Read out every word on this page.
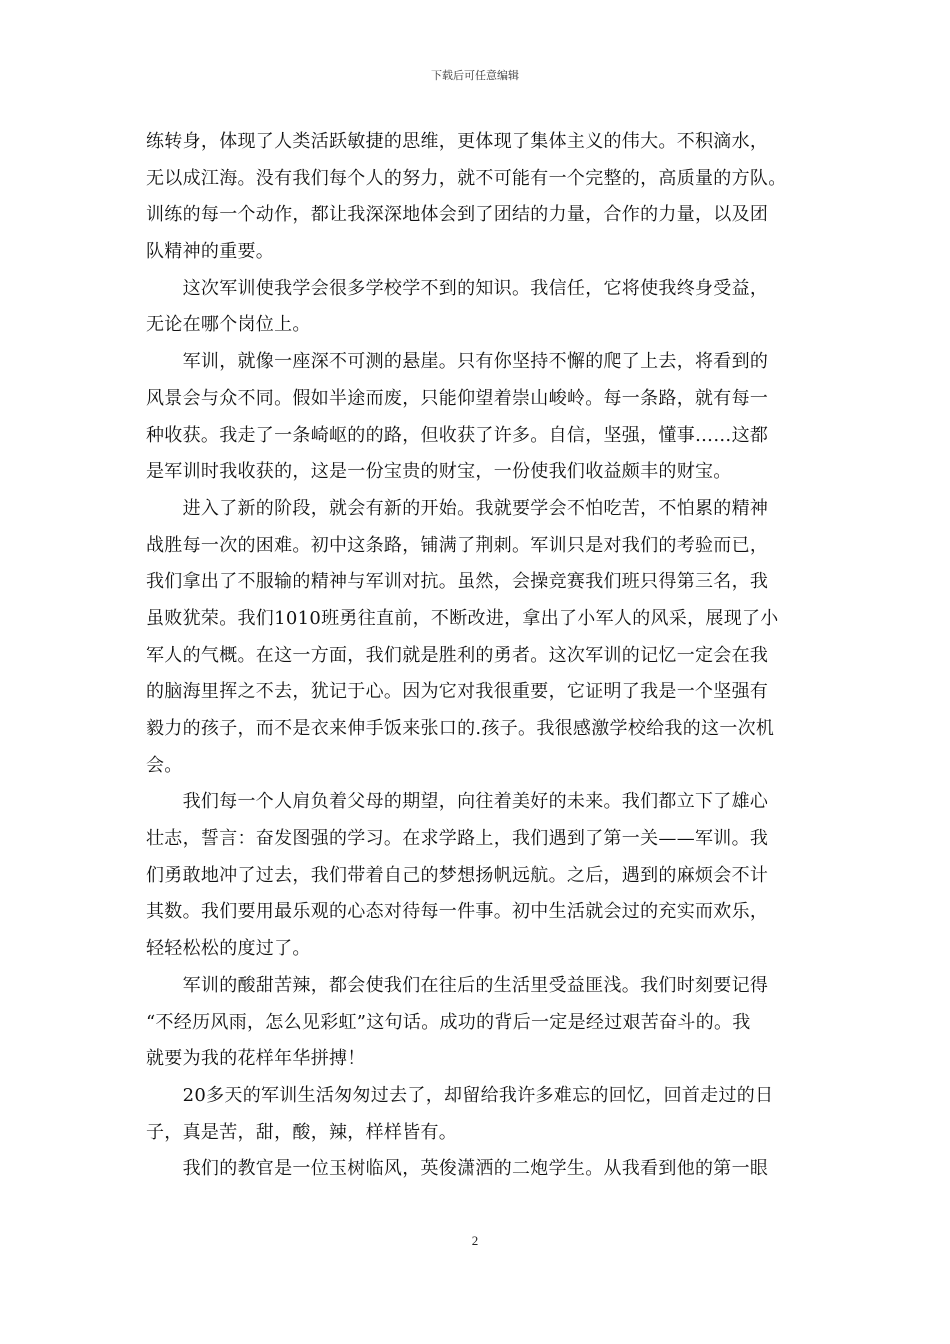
下载后可任意编辑
练转身，体现了人类活跃敏捷的思维，更体现了集体主义的伟大。不积滴水，
无以成江海。没有我们每个人的努力，就不可能有一个完整的，高质量的方队。
训练的每一个动作，都让我深深地体会到了团结的力量，合作的力量，以及团
队精神的重要。
　　这次军训使我学会很多学校学不到的知识。我信任，它将使我终身受益，
无论在哪个岗位上。
　　军训，就像一座深不可测的悬崖。只有你坚持不懈的爬了上去，将看到的
风景会与众不同。假如半途而废，只能仰望着崇山峻岭。每一条路，就有每一
种收获。我走了一条崎岖的的路，但收获了许多。自信，坚强，懂事……这都
是军训时我收获的，这是一份宝贵的财宝，一份使我们收益颇丰的财宝。
　　进入了新的阶段，就会有新的开始。我就要学会不怕吃苦，不怕累的精神
战胜每一次的困难。初中这条路，铺满了荆刺。军训只是对我们的考验而已，
我们拿出了不服输的精神与军训对抗。虽然，会操竞赛我们班只得第三名，我
虽败犹荣。我们1010班勇往直前，不断改进，拿出了小军人的风采，展现了小
军人的气概。在这一方面，我们就是胜利的勇者。这次军训的记忆一定会在我
的脑海里挥之不去，犹记于心。因为它对我很重要，它证明了我是一个坚强有
毅力的孩子，而不是衣来伸手饭来张口的.孩子。我很感激学校给我的这一次机
会。
　　我们每一个人肩负着父母的期望，向往着美好的未来。我们都立下了雄心
壮志，誓言：奋发图强的学习。在求学路上，我们遇到了第一关——军训。我
们勇敢地冲了过去，我们带着自己的梦想扬帆远航。之后，遇到的麻烦会不计
其数。我们要用最乐观的心态对待每一件事。初中生活就会过的充实而欢乐，
轻轻松松的度过了。
　　军训的酸甜苦辣，都会使我们在往后的生活里受益匪浅。我们时刻要记得
“不经历风雨，怎么见彩虹”这句话。成功的背后一定是经过艰苦奋斗的。我
就要为我的花样年华拼搏！
　　20多天的军训生活匆匆过去了，却留给我许多难忘的回忆，回首走过的日
子，真是苦，甜，酸，辣，样样皆有。
　　我们的教官是一位玉树临风，英俊潇洒的二炮学生。从我看到他的第一眼
2
